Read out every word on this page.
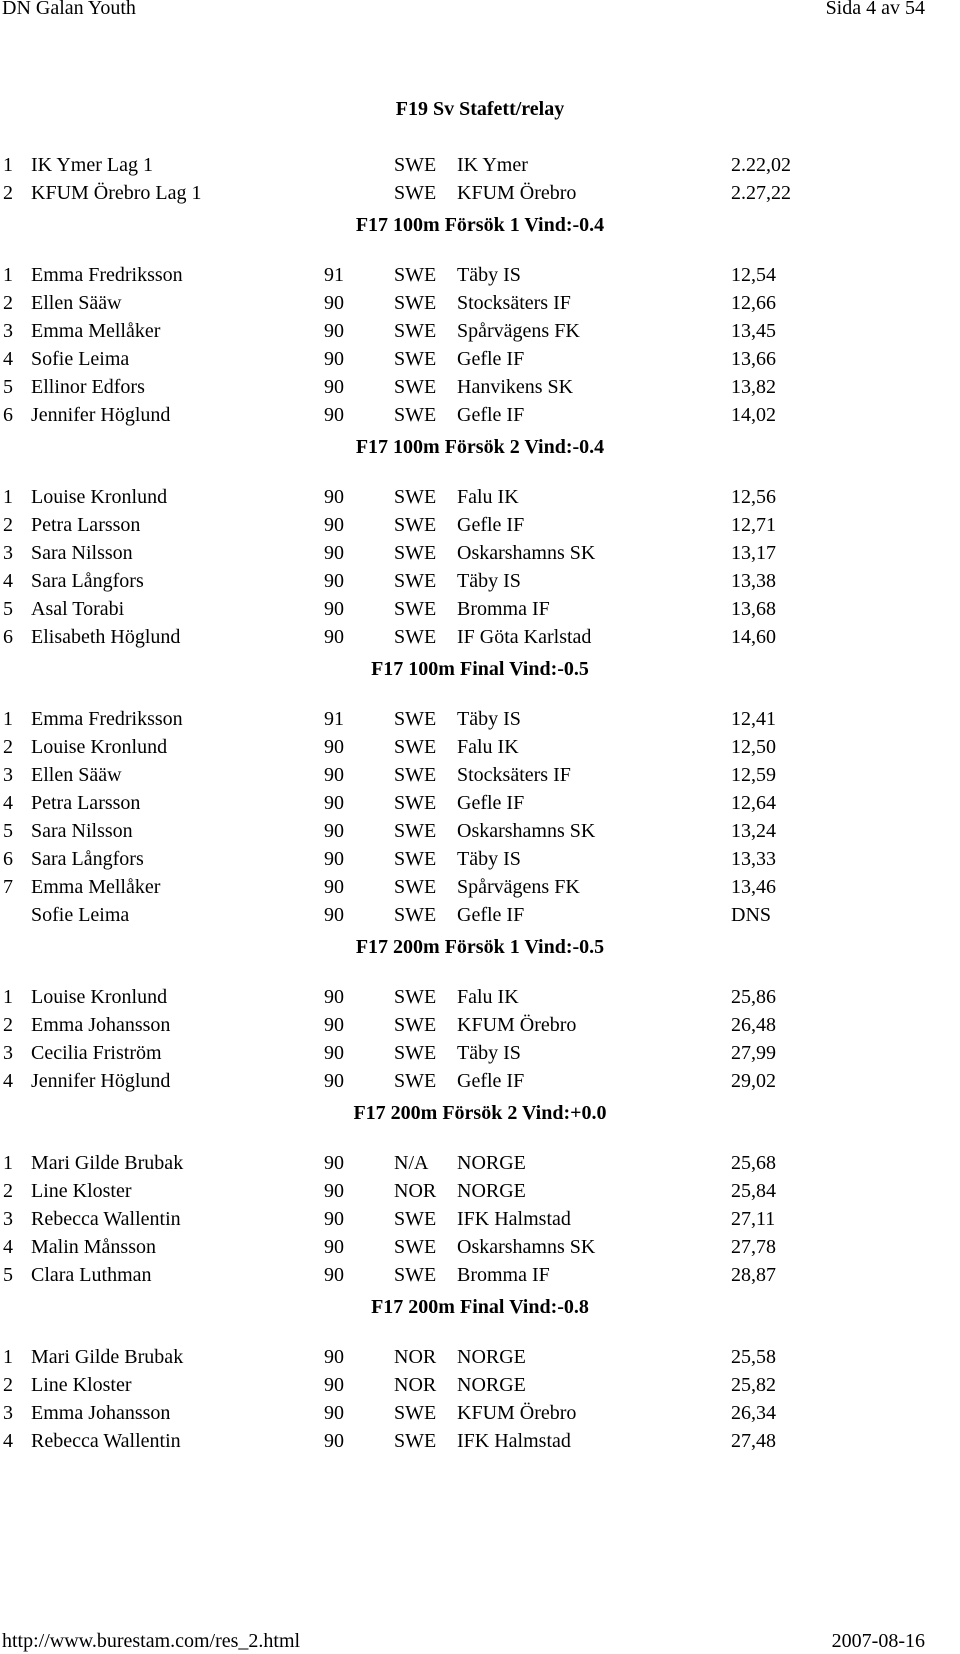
DN Galan Youth	Sida 4 av 54
F19 Sv Stafett/relay
1 IK Ymer Lag 1	SWE IK Ymer	2.22,02
2 KFUM Örebro Lag 1	SWE KFUM Örebro	2.27,22
F17 100m Försök 1 Vind:-0.4
1 Emma Fredriksson	91	SWE Täby IS	12,54
2 Ellen Sääw	90	SWE Stocksäters IF	12,66
3 Emma Mellåker	90	SWE Spårvägens FK	13,45
4 Sofie Leima	90	SWE Gefle IF	13,66
5 Ellinor Edfors	90	SWE Hanvikens SK	13,82
6 Jennifer Höglund	90	SWE Gefle IF	14,02
F17 100m Försök 2 Vind:-0.4
1 Louise Kronlund	90	SWE Falu IK	12,56
2 Petra Larsson	90	SWE Gefle IF	12,71
3 Sara Nilsson	90	SWE Oskarshamns SK	13,17
4 Sara Långfors	90	SWE Täby IS	13,38
5 Asal Torabi	90	SWE Bromma IF	13,68
6 Elisabeth Höglund	90	SWE IF Göta Karlstad	14,60
F17 100m Final Vind:-0.5
1 Emma Fredriksson	91	SWE Täby IS	12,41
2 Louise Kronlund	90	SWE Falu IK	12,50
3 Ellen Sääw	90	SWE Stocksäters IF	12,59
4 Petra Larsson	90	SWE Gefle IF	12,64
5 Sara Nilsson	90	SWE Oskarshamns SK	13,24
6 Sara Långfors	90	SWE Täby IS	13,33
7 Emma Mellåker	90	SWE Spårvägens FK	13,46
Sofie Leima	90	SWE Gefle IF	DNS
F17 200m Försök 1 Vind:-0.5
1 Louise Kronlund	90	SWE Falu IK	25,86
2 Emma Johansson	90	SWE KFUM Örebro	26,48
3 Cecilia Friström	90	SWE Täby IS	27,99
4 Jennifer Höglund	90	SWE Gefle IF	29,02
F17 200m Försök 2 Vind:+0.0
1 Mari Gilde Brubak	90	N/A NORGE	25,68
2 Line Kloster	90	NOR NORGE	25,84
3 Rebecca Wallentin	90	SWE IFK Halmstad	27,11
4 Malin Månsson	90	SWE Oskarshamns SK	27,78
5 Clara Luthman	90	SWE Bromma IF	28,87
F17 200m Final Vind:-0.8
1 Mari Gilde Brubak	90	NOR NORGE	25,58
2 Line Kloster	90	NOR NORGE	25,82
3 Emma Johansson	90	SWE KFUM Örebro	26,34
4 Rebecca Wallentin	90	SWE IFK Halmstad	27,48
http://www.burestam.com/res_2.html	2007-08-16
